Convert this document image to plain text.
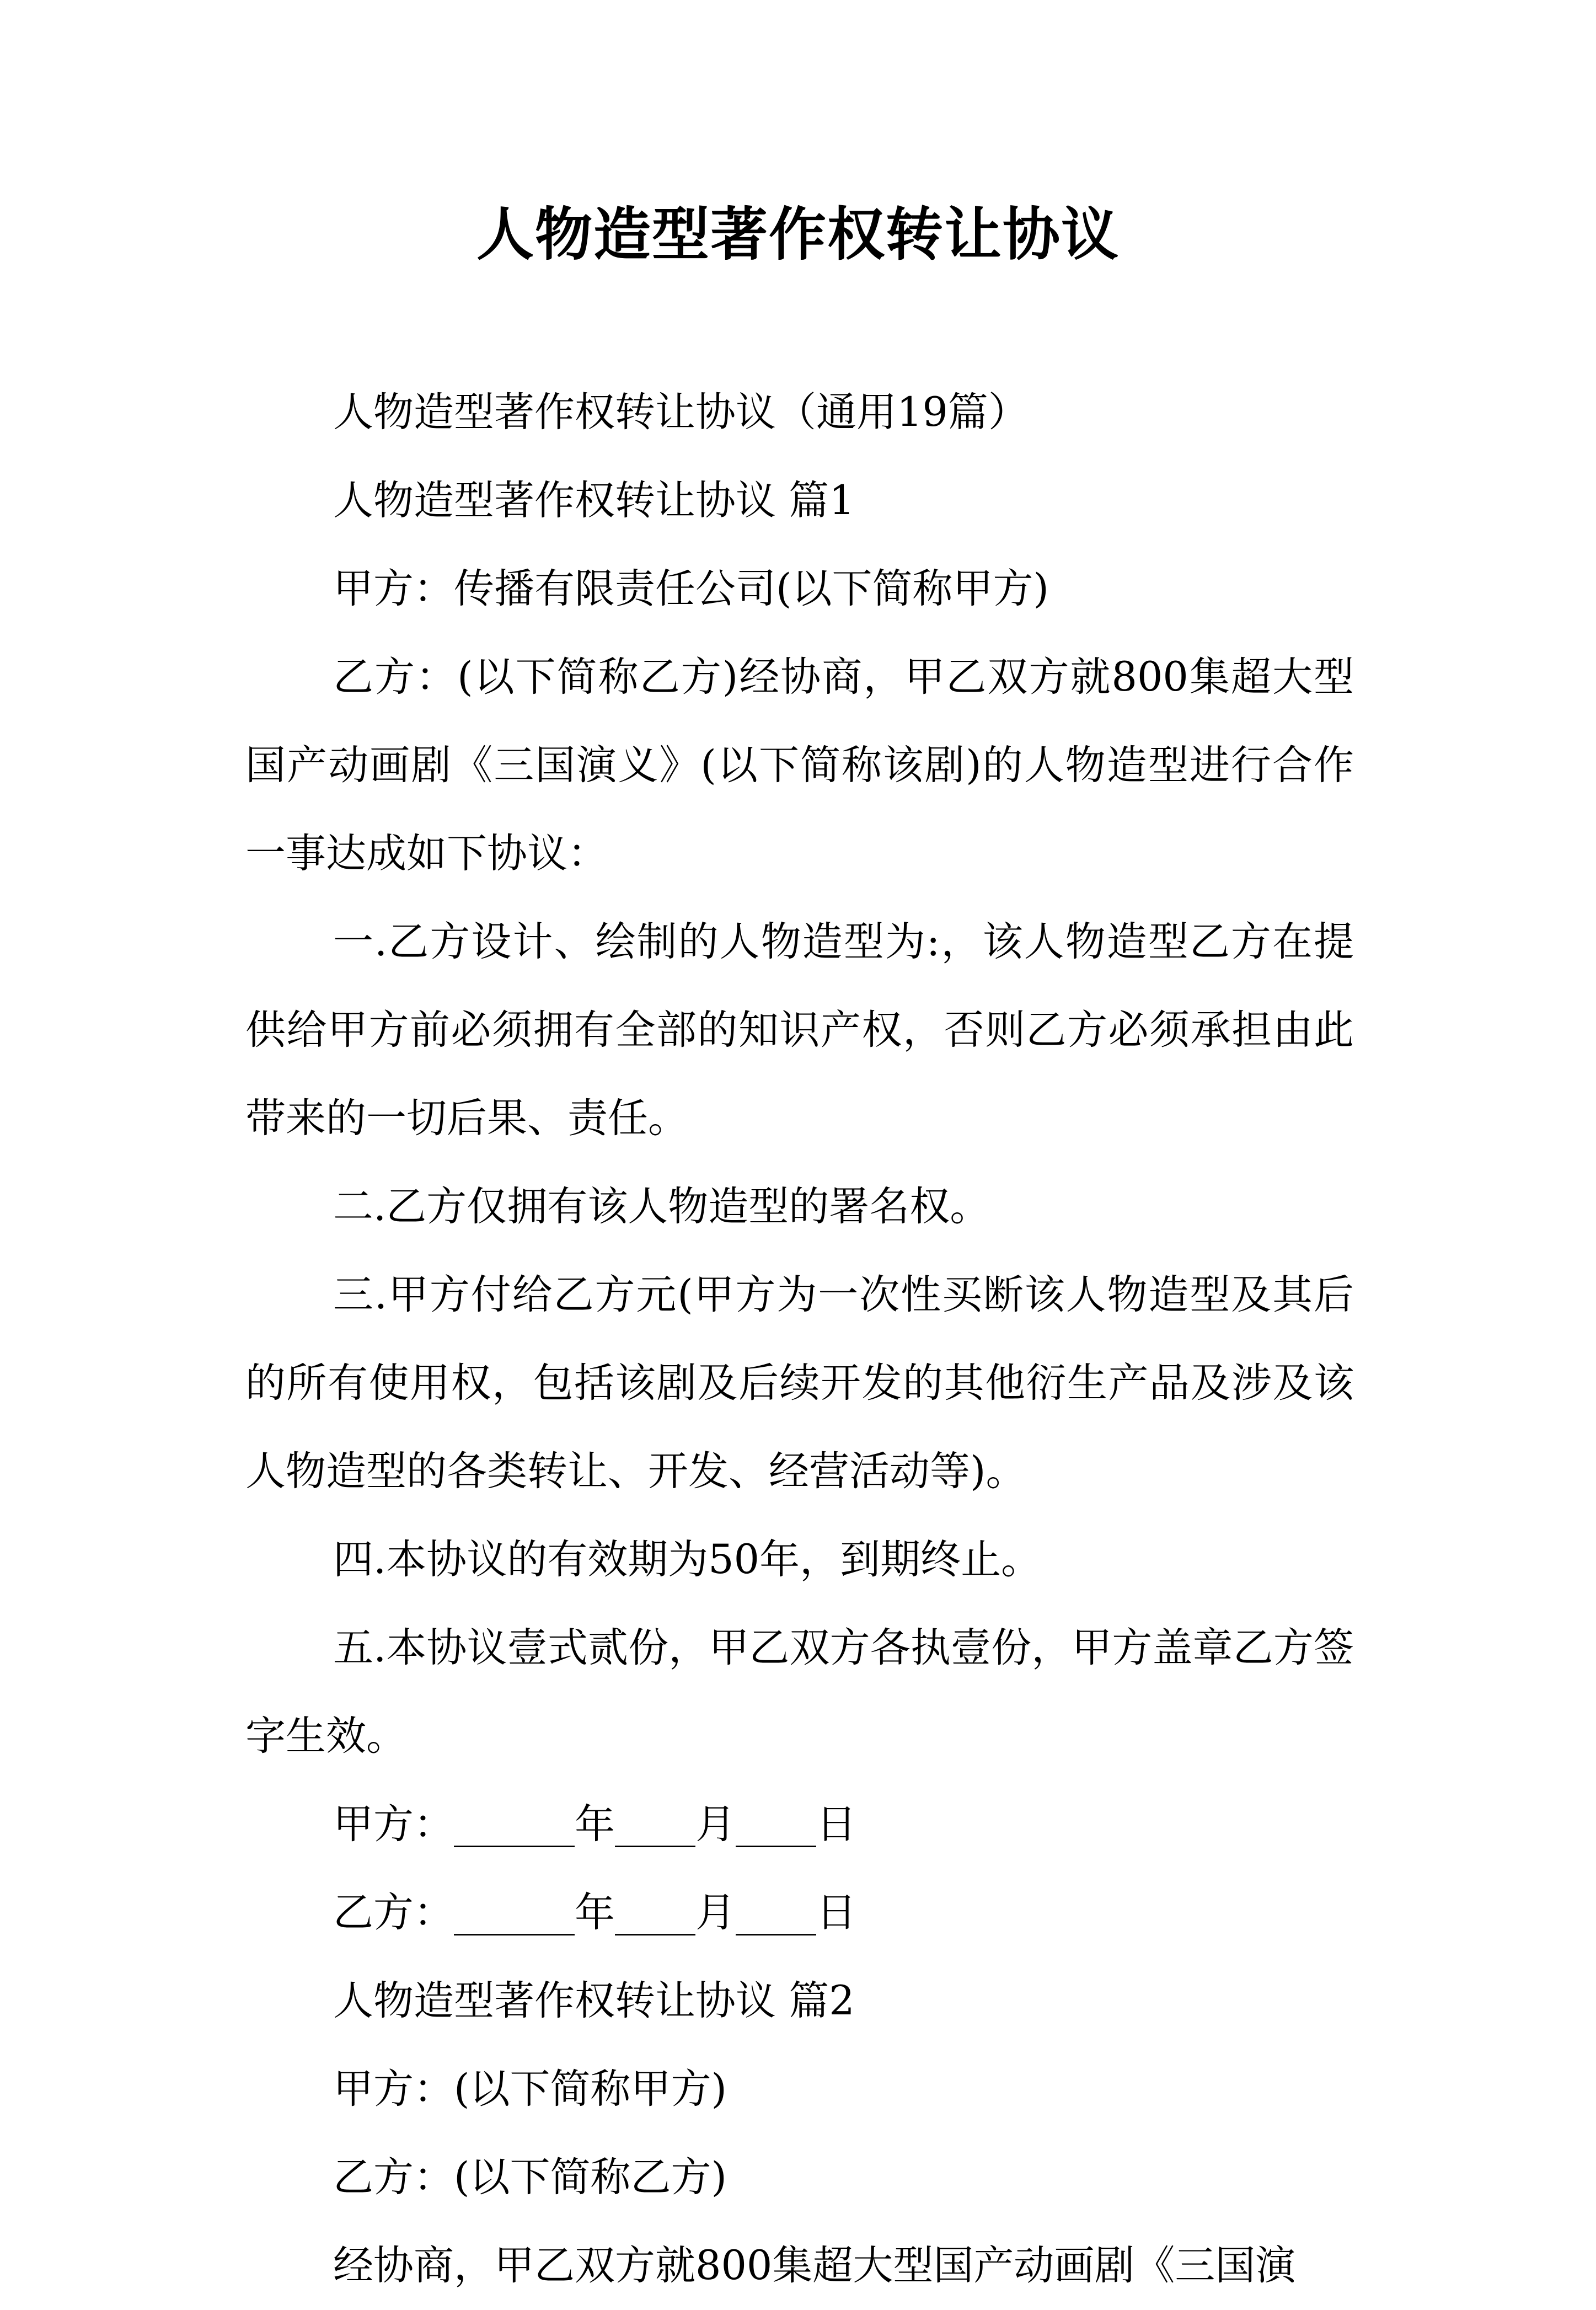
人物造型著作权转让协议

人物造型著作权转让协议（通用19篇）

人物造型著作权转让协议 篇1

甲方：传播有限责任公司(以下简称甲方)

乙方：(以下简称乙方)经协商，甲乙双方就800集超大型国产动画剧《三国演义》(以下简称该剧)的人物造型进行合作一事达成如下协议：

一.乙方设计、绘制的人物造型为:，该人物造型乙方在提供给甲方前必须拥有全部的知识产权，否则乙方必须承担由此带来的一切后果、责任。

二.乙方仅拥有该人物造型的署名权。

三.甲方付给乙方元(甲方为一次性买断该人物造型及其后的所有使用权，包括该剧及后续开发的其他衍生产品及涉及该人物造型的各类转让、开发、经营活动等)。

四.本协议的有效期为50年，到期终止。

五.本协议壹式贰份，甲乙双方各执壹份，甲方盖章乙方签字生效。

甲方：______年____月____日

乙方：______年____月____日

人物造型著作权转让协议 篇2

甲方：(以下简称甲方)

乙方：(以下简称乙方)

经协商，甲乙双方就800集超大型国产动画剧《三国演
